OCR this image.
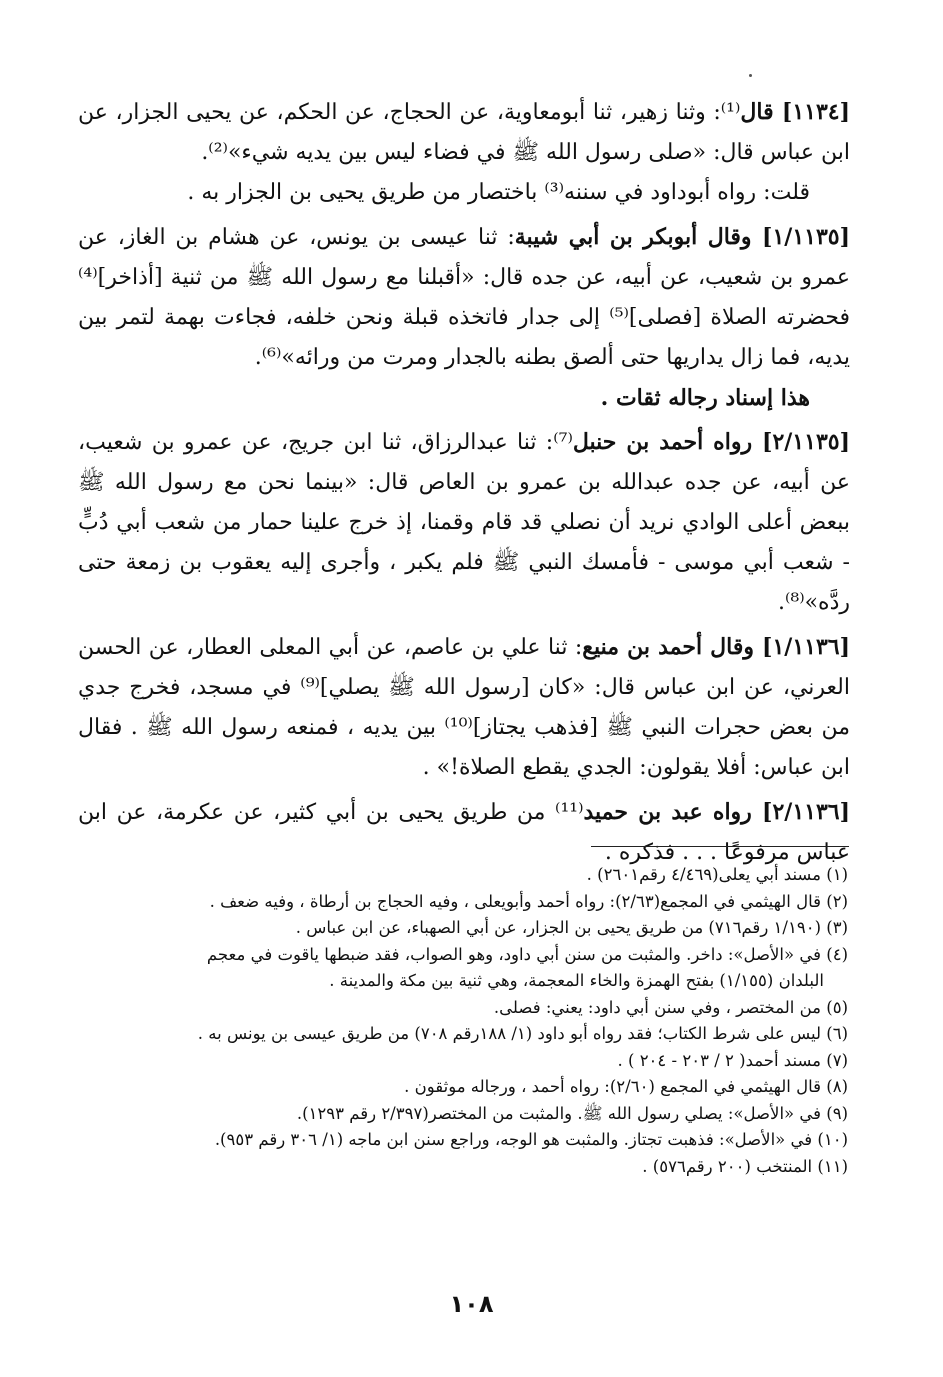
[١١٣٤] قال⁽¹⁾: وثنا زهير، ثنا أبومعاوية، عن الحجاج، عن الحكم، عن يحيى الجزار، عن ابن عباس قال: «صلى رسول الله ﷺ في فضاء ليس بين يديه شيء»⁽²⁾.

قلت: رواه أبوداود في سننه⁽³⁾ باختصار من طريق يحيى بن الجزار به .

[١/١١٣٥] وقال أبوبكر بن أبي شيبة: ثنا عيسى بن يونس، عن هشام بن الغاز، عن عمرو بن شعيب، عن أبيه، عن جده قال: «أقبلنا مع رسول الله ﷺ من ثنية [أذاخر]⁽⁴⁾ فحضرته الصلاة [فصلى]⁽⁵⁾ إلى جدار فاتخذه قبلة ونحن خلفه، فجاءت بهمة لتمر بين يديه، فما زال يداريها حتى ألصق بطنه بالجدار ومرت من ورائه»⁽⁶⁾.

هذا إسناد رجاله ثقات .

[٢/١١٣٥] رواه أحمد بن حنبل⁽⁷⁾: ثنا عبدالرزاق، ثنا ابن جريج، عن عمرو بن شعيب، عن أبيه، عن جده عبدالله بن عمرو بن العاص قال: «بينما نحن مع رسول الله ﷺ ببعض أعلى الوادي نريد أن نصلي قد قام وقمنا، إذ خرج علينا حمار من شعب أبي دُبٍّ - شعب أبي موسى - فأمسك النبي ﷺ فلم يكبر ، وأجرى إليه يعقوب بن زمعة حتى ردَّه»⁽⁸⁾.

[١/١١٣٦] وقال أحمد بن منيع: ثنا علي بن عاصم، عن أبي المعلى العطار، عن الحسن العرني، عن ابن عباس قال: «كان [رسول الله ﷺ يصلي]⁽⁹⁾ في مسجد، فخرج جدي من بعض حجرات النبي ﷺ [فذهب يجتاز]⁽¹⁰⁾ بين يديه ، فمنعه رسول الله ﷺ . فقال ابن عباس: أفلا يقولون: الجدي يقطع الصلاة!» .

[٢/١١٣٦] رواه عبد بن حميد⁽¹¹⁾ من طريق يحيى بن أبي كثير، عن عكرمة، عن ابن عباس مرفوعًا . . . فذكره .

(١) مسند أبي يعلى(٤/٤٦٩ رقم٢٦٠١) .

(٢) قال الهيثمي في المجمع(٢/٦٣): رواه أحمد وأبويعلى ، وفيه الحجاج بن أرطاة ، وفيه ضعف .

(٣) (١/١٩٠ رقم٧١٦) من طريق يحيى بن الجزار، عن أبي الصهباء، عن ابن عباس .

(٤) في «الأصل»: داخر. والمثبت من سنن أبي داود، وهو الصواب، فقد ضبطها ياقوت في معجم

البلدان (١/١٥٥) بفتح الهمزة والخاء المعجمة، وهي ثنية بين مكة والمدينة .

(٥) من المختصر ، وفي سنن أبي داود: يعني: فصلى.

(٦) ليس على شرط الكتاب؛ فقد رواه أبو داود (١/ ١٨٨رقم ٧٠٨) من طريق عيسى بن يونس به .

(٧) مسند أحمد( ٢ / ٢٠٣ - ٢٠٤ ) .

(٨) قال الهيثمي في المجمع (٢/٦٠): رواه أحمد ، ورجاله موثقون .

(٩) في «الأصل»: يصلي رسول الله ﷺ. والمثبت من المختصر(٢/٣٩٧ رقم ١٢٩٣).

(١٠) في «الأصل»: فذهبت تجتاز. والمثبت هو الوجه، وراجع سنن ابن ماجه (١/ ٣٠٦ رقم ٩٥٣).

(١١) المنتخب (٢٠٠ رقم٥٧٦) .

١٠٨
